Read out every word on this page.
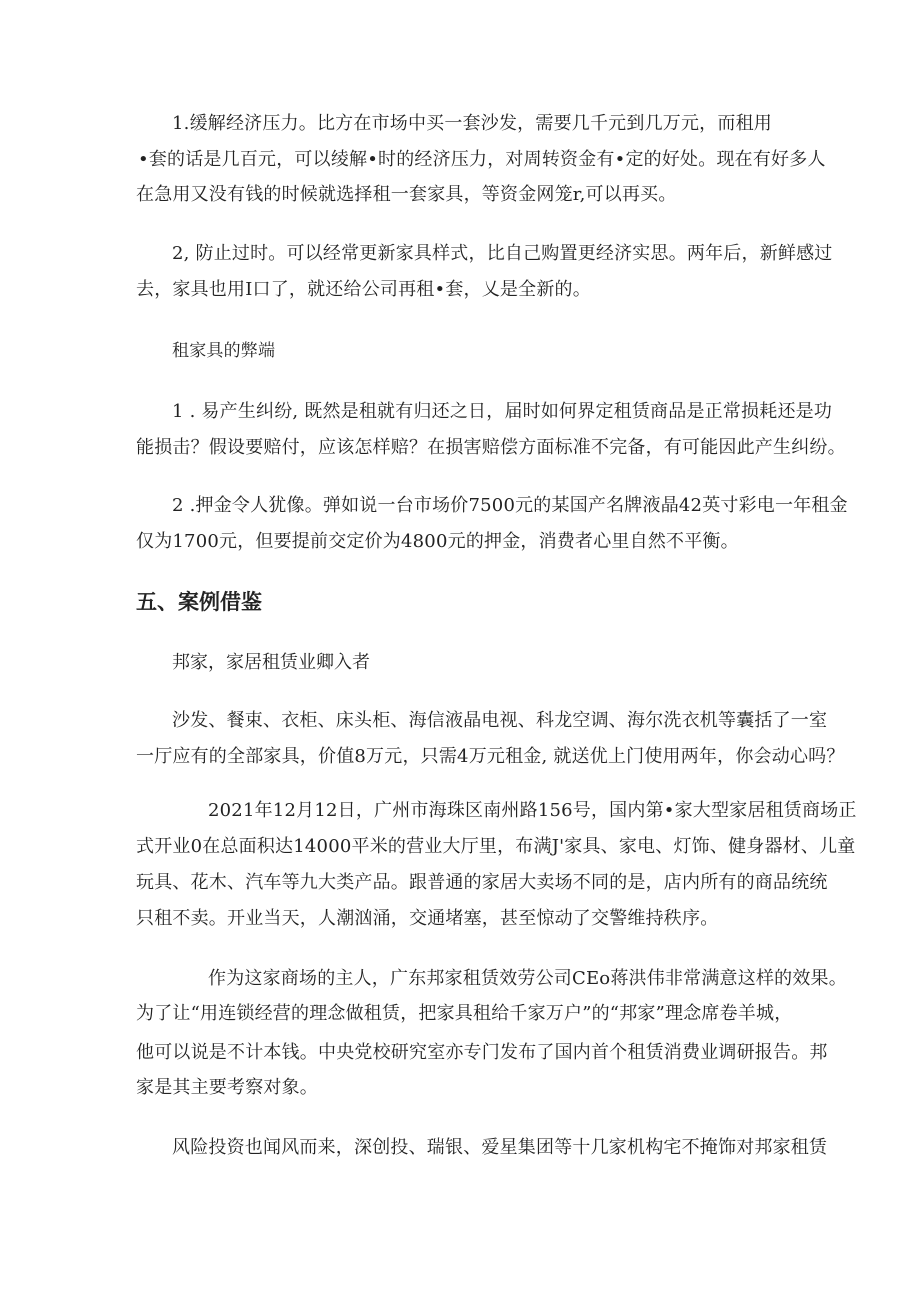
1.缓解经济压力。比方在市场中买一套沙发，需要几千元到几万元，而租用
•套的话是几百元，可以绫解•时的经济压力，对周转资金有•定的好处。现在有好多人
在急用又没有钱的时候就选择租一套家具，等资金网笼r,可以再买。
2, 防止过时。可以经常更新家具样式，比自己购置更经济实思。两年后，新鲜感过
去，家具也用I口了，就还给公司再租•套，乂是全新的。
租家具的弊端
1 . 易产生纠纷, 既然是租就有归还之日，届时如何界定租赁商品是正常损耗还是功
能损击？假设要赔付，应该怎样赔？在损害赔偿方面标准不完备，有可能因此产生纠纷。
2 .押金令人犹像。弹如说一台市场价7500元的某国产名牌液晶42英寸彩电一年租金
仅为1700元，但要提前交定价为4800元的押金，消费者心里自然不平衡。
五、案例借鉴
邦家，家居租赁业卿入者
沙发、餐束、衣柜、床头柜、海信液晶电视、科龙空调、海尔洗衣机等囊括了一室
一厅应有的全部家具，价值8万元，只需4万元租金, 就送优上门使用两年，你会动心吗？
2021年12月12日，广州市海珠区南州路156号，国内第•家大型家居租赁商场正
式开业0在总面积达14000平米的营业大厅里，布满J'家具、家电、灯饰、健身器材、儿童
玩具、花木、汽车等九大类产品。跟普通的家居大卖场不同的是，店内所有的商品统统
只租不卖。开业当天，人潮汹涌，交通堵塞，甚至惊动了交警维持秩序。
作为这家商场的主人，广东邦家租赁效劳公司CEo蒋洪伟非常满意这样的效果。
为了让“用连锁经营的理念做租赁，把家具租给千家万户”的“邦家”理念席卷羊城，
他可以说是不计本钱。中央党校研究室亦专门发布了国内首个租赁消费业调研报告。邦
家是其主要考察对象。
风险投资也闻风而来，深创投、瑞银、爱星集团等十几家机构宅不掩饰对邦家租赁
